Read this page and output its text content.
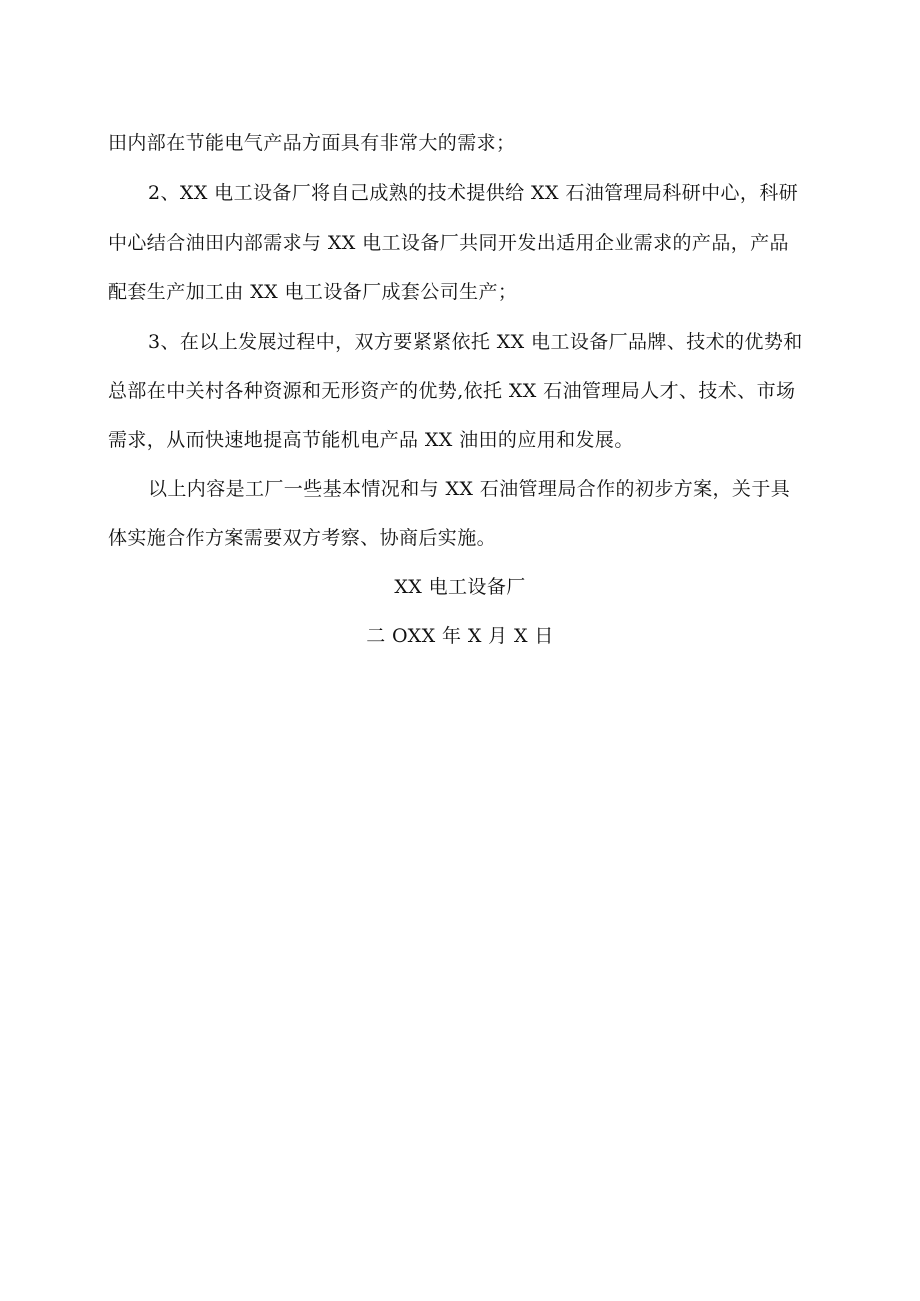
田内部在节能电气产品方面具有非常大的需求；
2、XX 电工设备厂将自己成熟的技术提供给 XX 石油管理局科研中心，科研
中心结合油田内部需求与 XX 电工设备厂共同开发出适用企业需求的产品，产品
配套生产加工由 XX 电工设备厂成套公司生产；
3、在以上发展过程中，双方要紧紧依托 XX 电工设备厂品牌、技术的优势和
总部在中关村各种资源和无形资产的优势,依托 XX 石油管理局人才、技术、市场
需求，从而快速地提高节能机电产品 XX 油田的应用和发展。
以上内容是工厂一些基本情况和与 XX 石油管理局合作的初步方案，关于具
体实施合作方案需要双方考察、协商后实施。
XX 电工设备厂
二 OXX 年 X 月 X 日
